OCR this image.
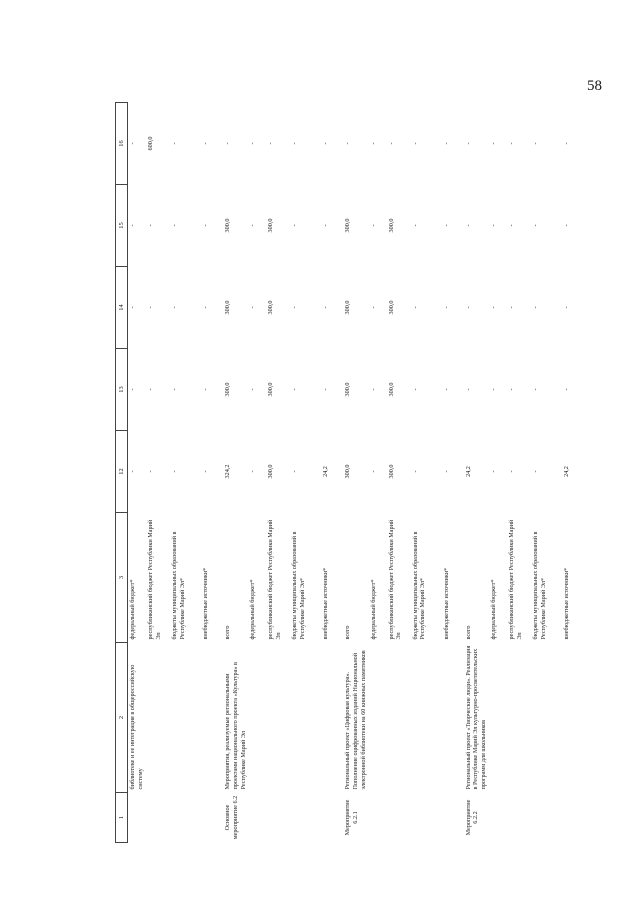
58
1	2	3	12	13	14	15	16
	библиотеке и ее интеграция в общероссийскую систему	федеральный бюджет*	-	-	-	-	-
		республиканский бюджет Республики Марий Эл	-	-	-	-	600,0
		бюджеты муниципальных образований в Республике Марий Эл*	-	-	-	-	-
		внебюджетные источники*	-	-	-	-	-
Основное мероприятие 6.2	Мероприятия, реализуемые региональными проектами национального проекта «Культура» в Республике Марий Эл	всего	324,2	300,0	300,0	300,0	-
		федеральный бюджет*	-	-	-	-	-
		республиканский бюджет Республики Марий Эл	300,0	300,0	300,0	300,0	-
		бюджеты муниципальных образований в Республике Марий Эл*	-	-	-	-	-
		внебюджетные источники*	24,2	-	-	-	-
Мероприятие 6.2.1	Региональный проект «Цифровая культура». Пополнение оцифрованных изданий Национальной электронной библиотеки на 60 книжных памятников	всего	300,0	300,0	300,0	300,0	-
		федеральный бюджет*	-	-	-	-	-
		республиканский бюджет Республики Марий Эл	300,0	300,0	300,0	300,0	-
		бюджеты муниципальных образований в Республике Марий Эл*	-	-	-	-	-
		внебюджетные источники*	-	-	-	-	-
Мероприятие 6.2.2	Региональный проект «Творческие люди». Реализация в Республике Марий Эл культурно-просветительских программ для школьников	всего	24,2	-	-	-	-
		федеральный бюджет*	-	-	-	-	-
		республиканский бюджет Республики Марий Эл	-	-	-	-	-
		бюджеты муниципальных образований в Республике Марий Эл*	-	-	-	-	-
		внебюджетные источники*	24,2	-	-	-	-
